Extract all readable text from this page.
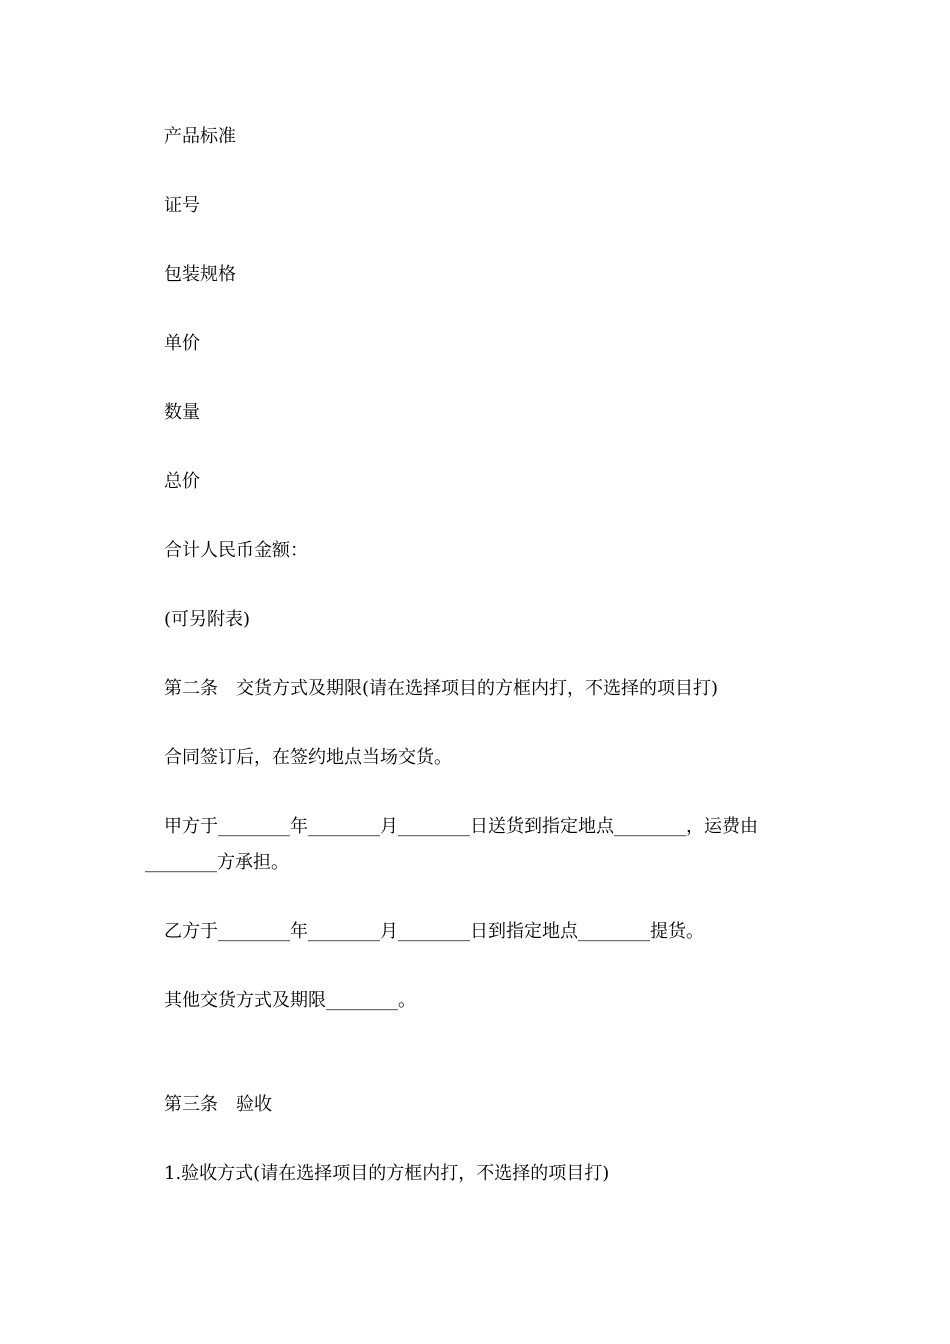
产品标准

证号

包装规格

单价

数量

总价

合计人民币金额：

(可另附表)

第二条　交货方式及期限(请在选择项目的方框内打，不选择的项目打)

合同签订后，在签约地点当场交货。

甲方于________年________月________日送货到指定地点________，运费由________方承担。

乙方于________年________月________日到指定地点________提货。

其他交货方式及期限________。

第三条　验收

1.验收方式(请在选择项目的方框内打，不选择的项目打)
